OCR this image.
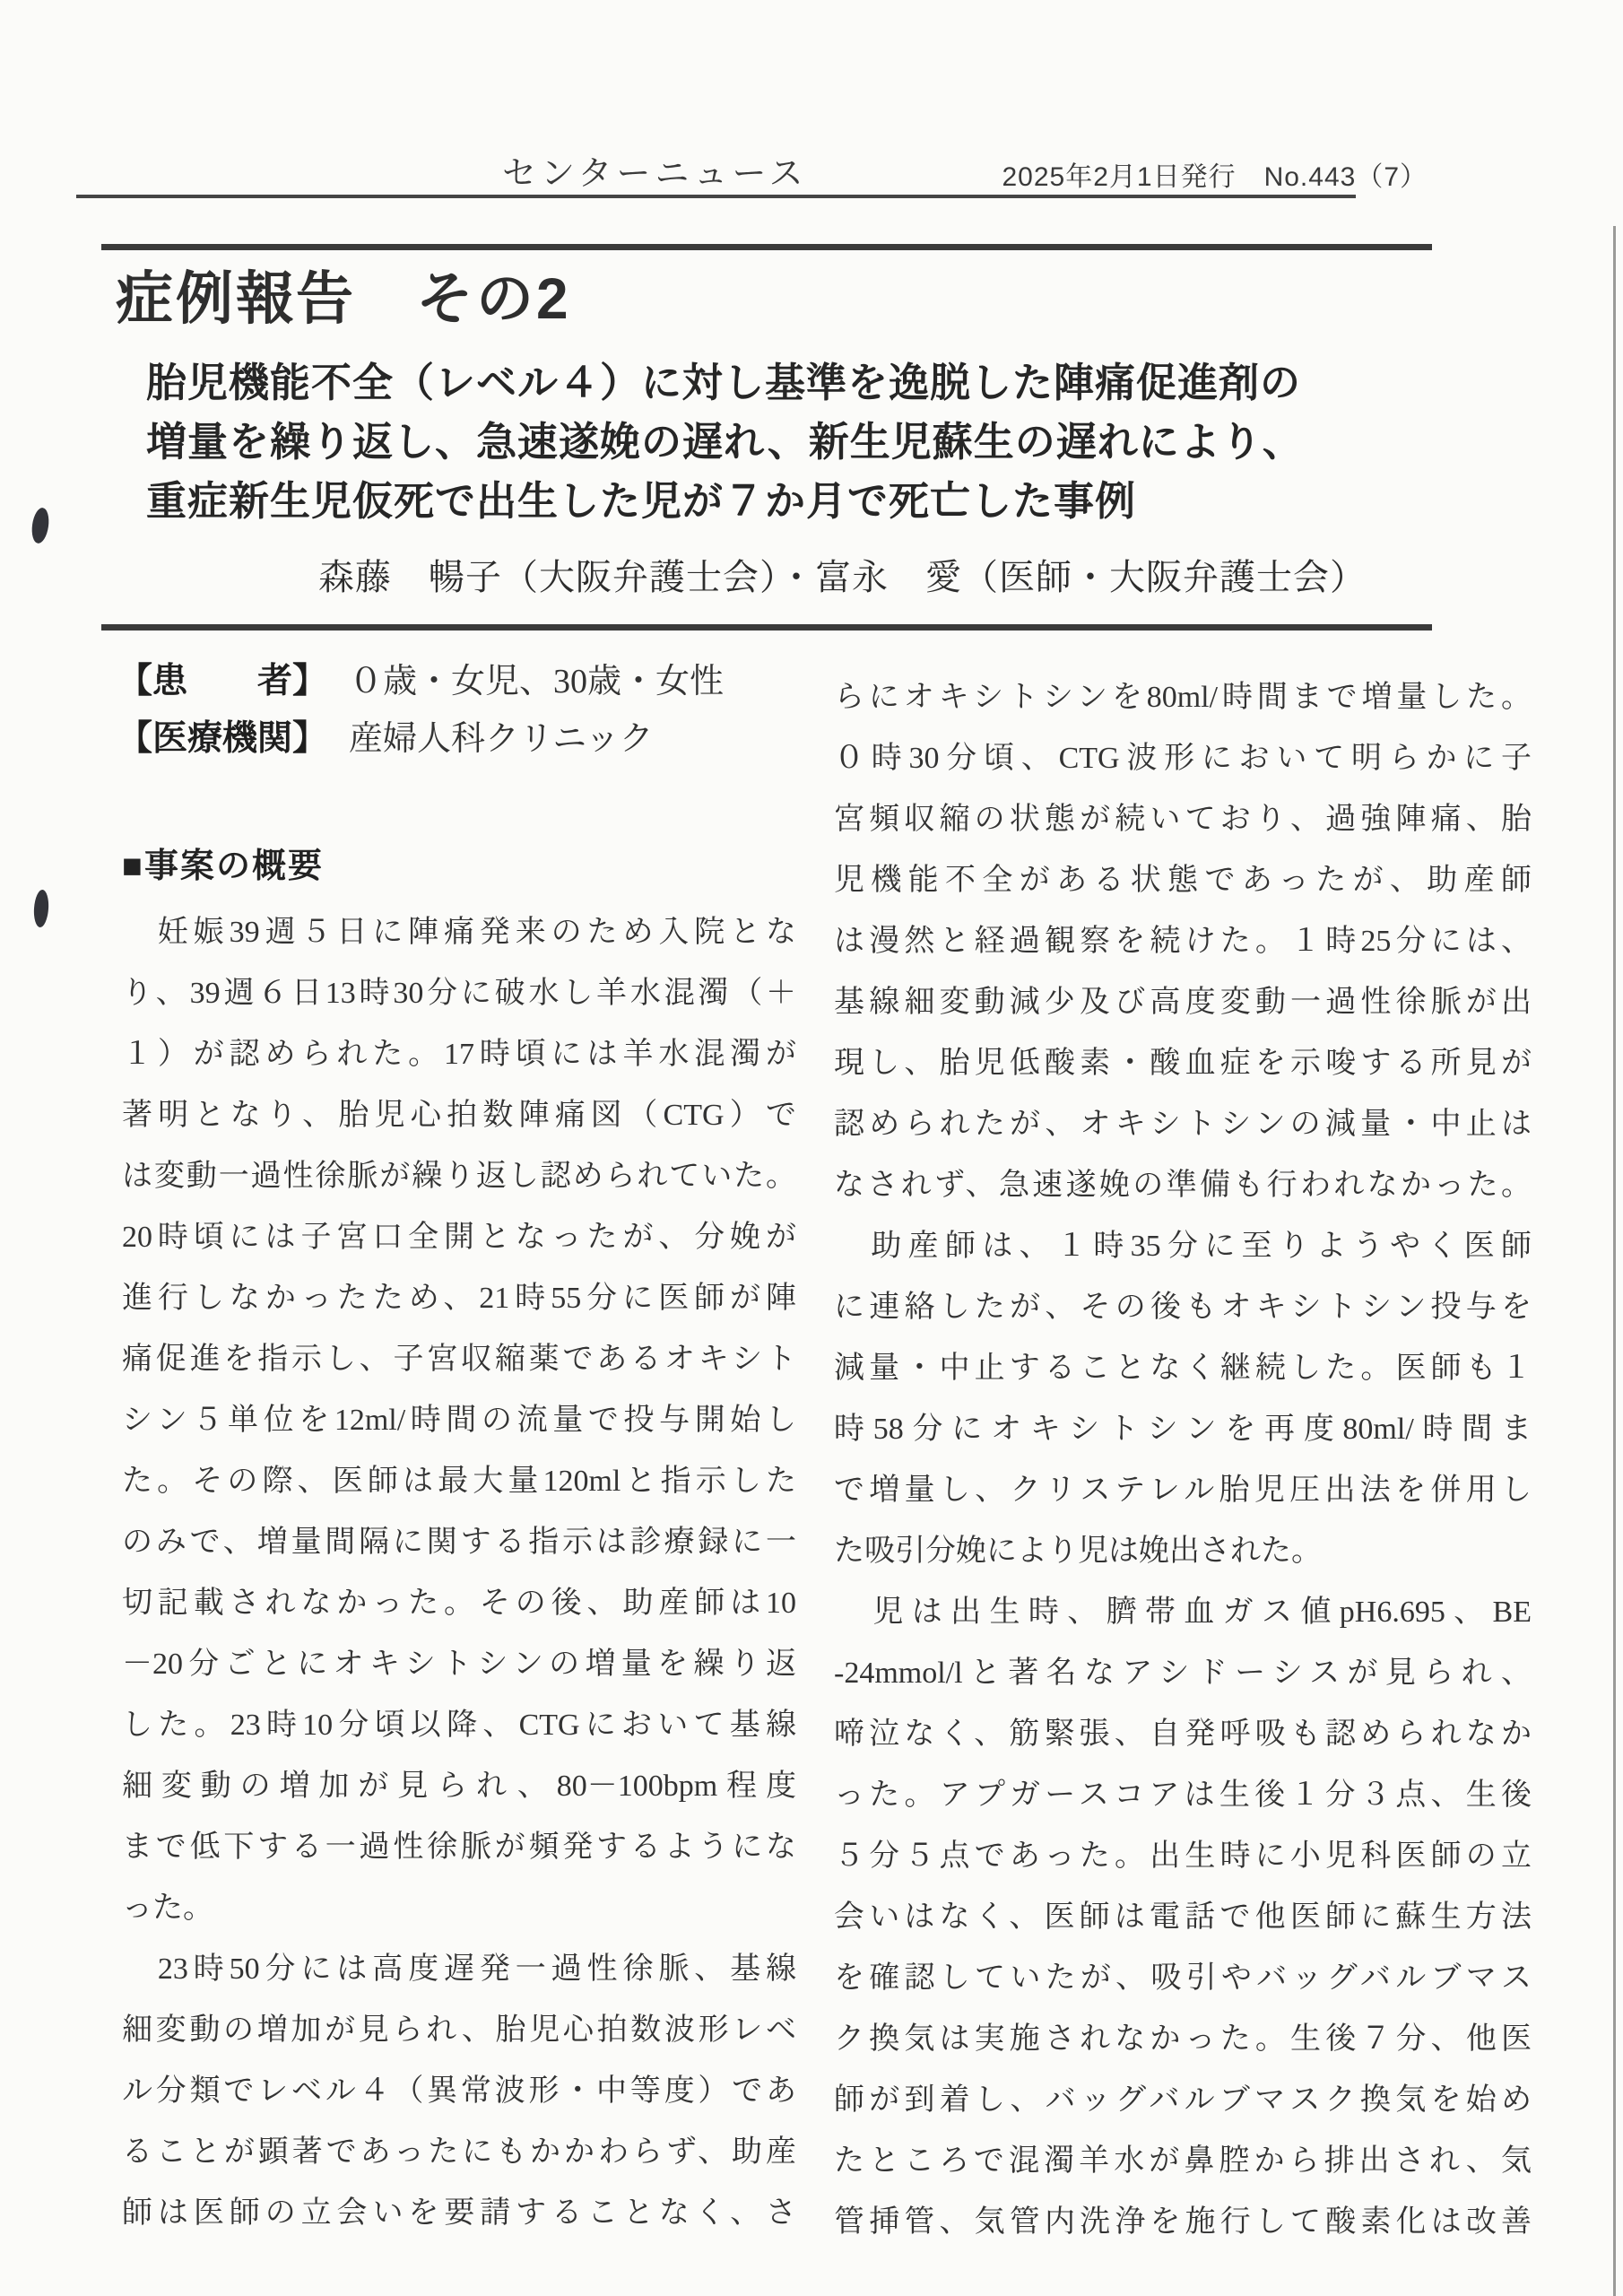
センターニュース	2025年2月1日発行　No.443（7）
症例報告　その2
胎児機能不全（レベル４）に対し基準を逸脱した陣痛促進剤の
増量を繰り返し、急速遂娩の遅れ、新生児蘇生の遅れにより、
重症新生児仮死で出生した児が７か月で死亡した事例
森藤　暢子（大阪弁護士会）・富永　愛（医師・大阪弁護士会）
【患　　者】 ０歳・女児、30歳・女性
【医療機関】 産婦人科クリニック
■事案の概要
　妊娠39週５日に陣痛発来のため入院とな
り、39週６日13時30分に破水し羊水混濁（＋
１）が認められた。17時頃には羊水混濁が
著明となり、胎児心拍数陣痛図（CTG）で
は変動一過性徐脈が繰り返し認められていた。
20時頃には子宮口全開となったが、分娩が
進行しなかったため、21時55分に医師が陣
痛促進を指示し、子宮収縮薬であるオキシト
シン５単位を12ml/時間の流量で投与開始し
た。その際、医師は最大量120mlと指示した
のみで、増量間隔に関する指示は診療録に一
切記載されなかった。その後、助産師は10
－20分ごとにオキシトシンの増量を繰り返
した。23時10分頃以降、CTGにおいて基線
細変動の増加が見られ、80－100bpm程度
まで低下する一過性徐脈が頻発するようにな
った。
　23時50分には高度遅発一過性徐脈、基線
細変動の増加が見られ、胎児心拍数波形レベ
ル分類でレベル４（異常波形・中等度）であ
ることが顕著であったにもかかわらず、助産
師は医師の立会いを要請することなく、さ
らにオキシトシンを80ml/時間まで増量した。
０時30分頃、CTG波形において明らかに子
宮頻収縮の状態が続いており、過強陣痛、胎
児機能不全がある状態であったが、助産師
は漫然と経過観察を続けた。１時25分には、
基線細変動減少及び高度変動一過性徐脈が出
現し、胎児低酸素・酸血症を示唆する所見が
認められたが、オキシトシンの減量・中止は
なされず、急速遂娩の準備も行われなかった。
　助産師は、１時35分に至りようやく医師
に連絡したが、その後もオキシトシン投与を
減量・中止することなく継続した。医師も１
時58分にオキシトシンを再度80ml/時間ま
で増量し、クリステレル胎児圧出法を併用し
た吸引分娩により児は娩出された。
　児は出生時、臍帯血ガス値pH6.695、BE
-24mmol/lと著名なアシドーシスが見られ、
啼泣なく、筋緊張、自発呼吸も認められなか
った。アプガースコアは生後１分３点、生後
５分５点であった。出生時に小児科医師の立
会いはなく、医師は電話で他医師に蘇生方法
を確認していたが、吸引やバッグバルブマス
ク換気は実施されなかった。生後７分、他医
師が到着し、バッグバルブマスク換気を始め
たところで混濁羊水が鼻腔から排出され、気
管挿管、気管内洗浄を施行して酸素化は改善
